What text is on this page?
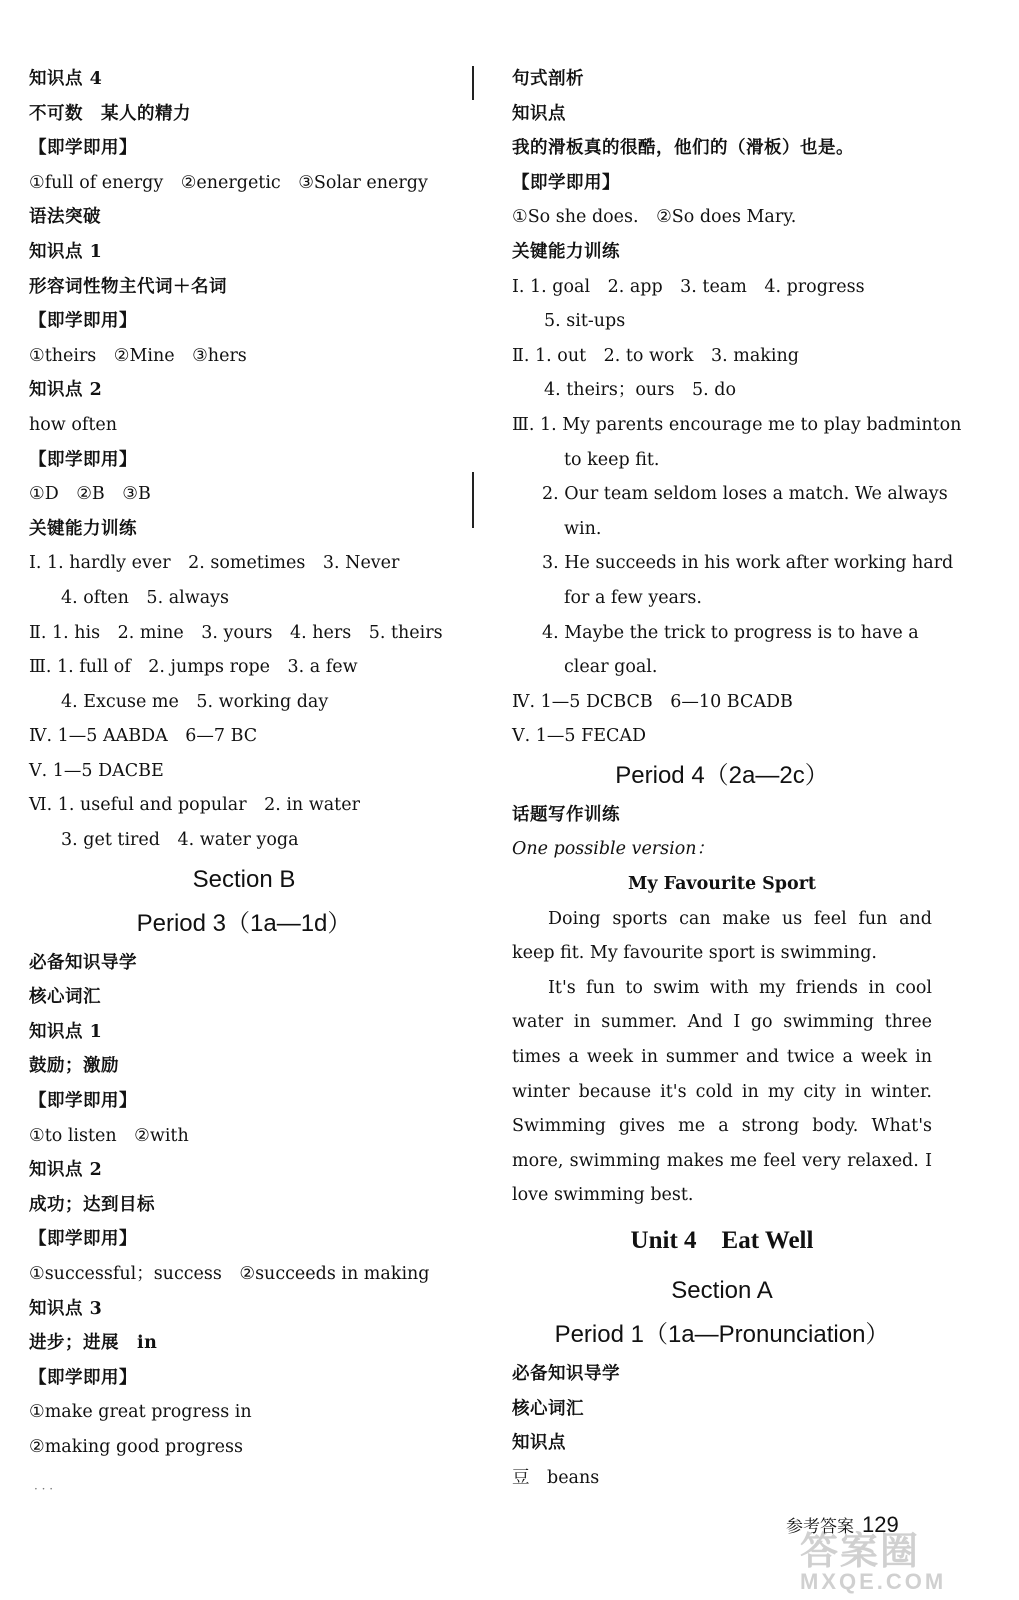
知识点 4
不可数　某人的精力
【即学即用】
①full of energy　②energetic　③Solar energy
语法突破
知识点 1
形容词性物主代词＋名词
【即学即用】
①theirs　②Mine　③hers
知识点 2
how often
【即学即用】
①D　②B　③B
关键能力训练
Ⅰ. 1. hardly ever　2. sometimes　3. Never
4. often　5. always
Ⅱ. 1. his　2. mine　3. yours　4. hers　5. theirs
Ⅲ. 1. full of　2. jumps rope　3. a few
4. Excuse me　5. working day
Ⅳ. 1—5 AABDA　6—7 BC
Ⅴ. 1—5 DACBE
Ⅵ. 1. useful and popular　2. in water
3. get tired　4. water yoga
Section B
Period 3（1a—1d）
必备知识导学
核心词汇
知识点 1
鼓励；激励
【即学即用】
①to listen　②with
知识点 2
成功；达到目标
【即学即用】
①successful；success　②succeeds in making
知识点 3
进步；进展　in
【即学即用】
①make great progress in
②making good progress
句式剖析
知识点
我的滑板真的很酷，他们的（滑板）也是。
【即学即用】
①So she does.　②So does Mary.
关键能力训练
Ⅰ. 1. goal　2. app　3. team　4. progress
5. sit-ups
Ⅱ. 1. out　2. to work　3. making
4. theirs；ours　5. do
Ⅲ. 1. My parents encourage me to play badminton
to keep fit.
2. Our team seldom loses a match. We always
win.
3. He succeeds in his work after working hard
for a few years.
4. Maybe the trick to progress is to have a
clear goal.
Ⅳ. 1—5 DCBCB　6—10 BCADB
Ⅴ. 1—5 FECAD
Period 4（2a—2c）
话题写作训练
One possible version：
My Favourite Sport
Doing sports can make us feel fun and keep fit. My favourite sport is swimming.
It's fun to swim with my friends in cool water in summer. And I go swimming three times a week in summer and twice a week in winter because it's cold in my city in winter. Swimming gives me a strong body. What's more, swimming makes me feel very relaxed. I love swimming best.
Unit 4　Eat Well
Section A
Period 1（1a—Pronunciation）
必备知识导学
核心词汇
知识点
豆　beans
· · ·
参考答案 129
答案圈
MXQE.COM
